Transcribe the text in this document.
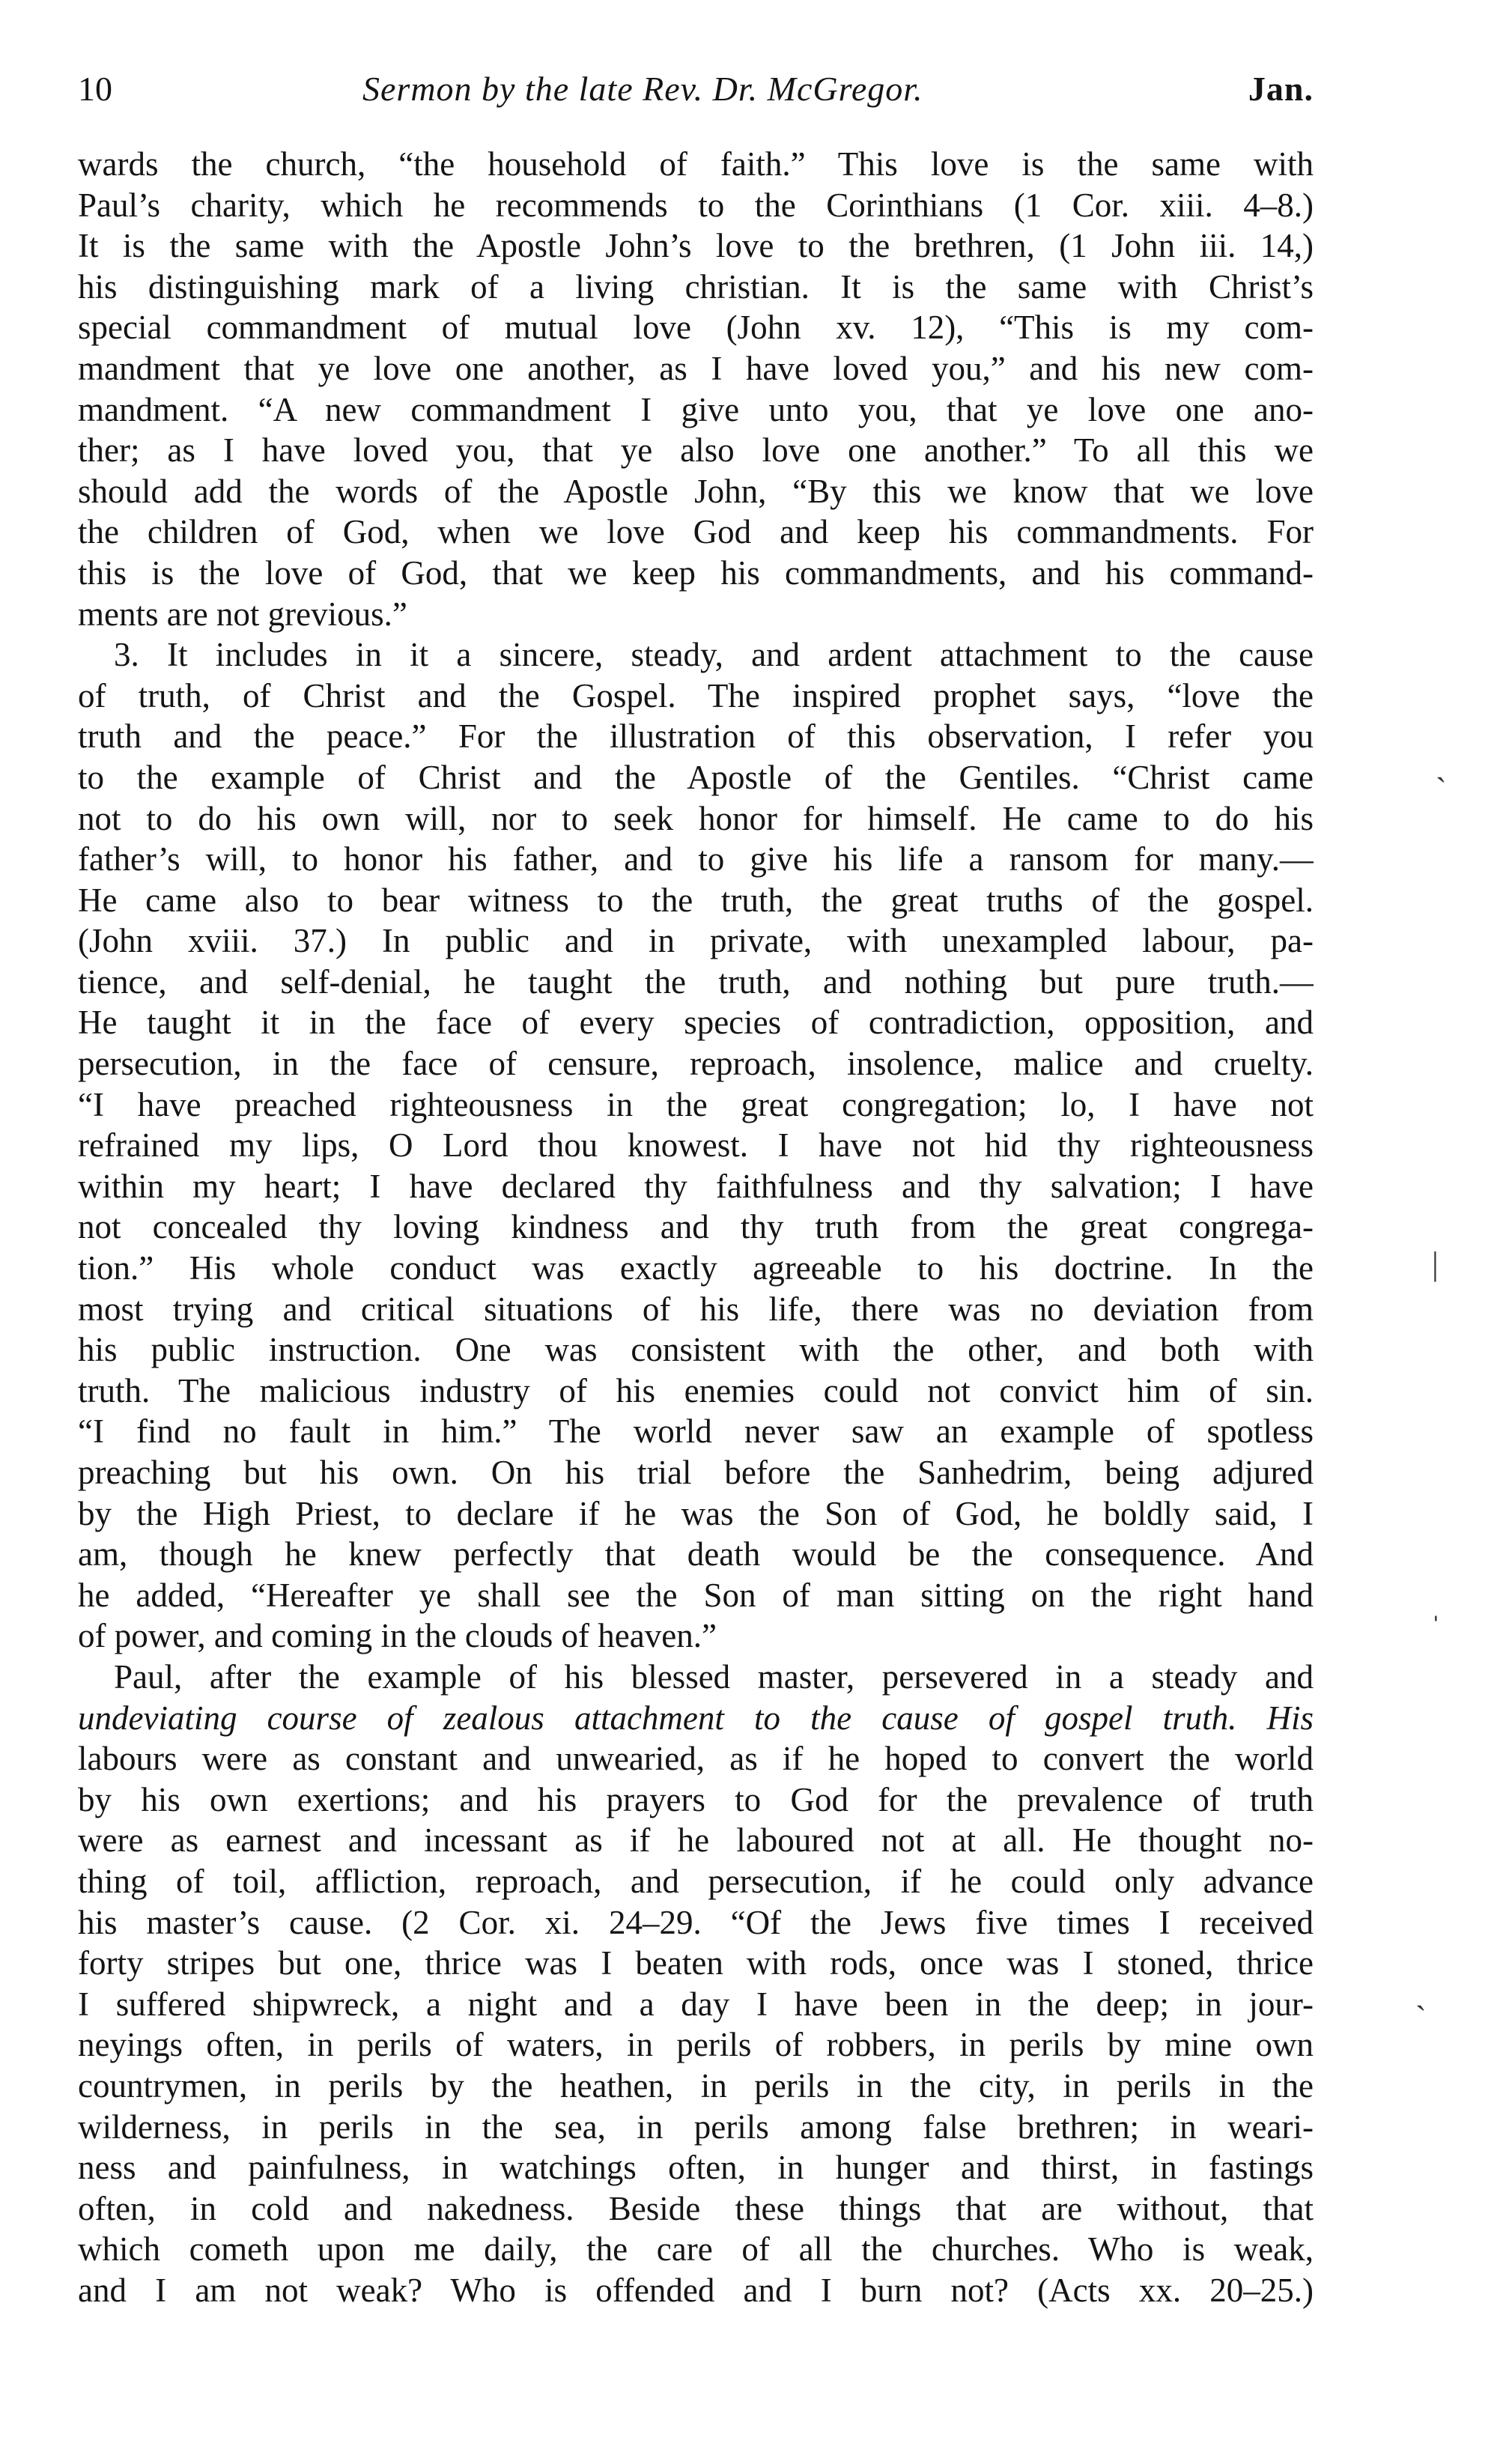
10	Sermon by the late Rev. Dr. McGregor.	Jan.
wards the church, “the household of faith.” This love is the same with
Paul’s charity, which he recommends to the Corinthians (1 Cor. xiii. 4–8.)
It is the same with the Apostle John’s love to the brethren, (1 John iii. 14,)
his distinguishing mark of a living christian. It is the same with Christ’s
special commandment of mutual love (John xv. 12), “This is my com-
mandment that ye love one another, as I have loved you,” and his new com-
mandment. “A new commandment I give unto you, that ye love one ano-
ther; as I have loved you, that ye also love one another.” To all this we
should add the words of the Apostle John, “By this we know that we love
the children of God, when we love God and keep his commandments. For
this is the love of God, that we keep his commandments, and his command-
ments are not grevious.”
3. It includes in it a sincere, steady, and ardent attachment to the cause
of truth, of Christ and the Gospel. The inspired prophet says, “love the
truth and the peace.” For the illustration of this observation, I refer you
to the example of Christ and the Apostle of the Gentiles. “Christ came
not to do his own will, nor to seek honor for himself. He came to do his
father’s will, to honor his father, and to give his life a ransom for many.—
He came also to bear witness to the truth, the great truths of the gospel.
(John xviii. 37.) In public and in private, with unexampled labour, pa-
tience, and self-denial, he taught the truth, and nothing but pure truth.—
He taught it in the face of every species of contradiction, opposition, and
persecution, in the face of censure, reproach, insolence, malice and cruelty.
“I have preached righteousness in the great congregation; lo, I have not
refrained my lips, O Lord thou knowest. I have not hid thy righteousness
within my heart; I have declared thy faithfulness and thy salvation; I have
not concealed thy loving kindness and thy truth from the great congrega-
tion.” His whole conduct was exactly agreeable to his doctrine. In the
most trying and critical situations of his life, there was no deviation from
his public instruction. One was consistent with the other, and both with
truth. The malicious industry of his enemies could not convict him of sin.
“I find no fault in him.” The world never saw an example of spotless
preaching but his own. On his trial before the Sanhedrim, being adjured
by the High Priest, to declare if he was the Son of God, he boldly said, I
am, though he knew perfectly that death would be the consequence. And
he added, “Hereafter ye shall see the Son of man sitting on the right hand
of power, and coming in the clouds of heaven.”
Paul, after the example of his blessed master, persevered in a steady and
undeviating course of zealous attachment to the cause of gospel truth. His
labours were as constant and unwearied, as if he hoped to convert the world
by his own exertions; and his prayers to God for the prevalence of truth
were as earnest and incessant as if he laboured not at all. He thought no-
thing of toil, affliction, reproach, and persecution, if he could only advance
his master’s cause. (2 Cor. xi. 24–29. “Of the Jews five times I received
forty stripes but one, thrice was I beaten with rods, once was I stoned, thrice
I suffered shipwreck, a night and a day I have been in the deep; in jour-
neyings often, in perils of waters, in perils of robbers, in perils by mine own
countrymen, in perils by the heathen, in perils in the city, in perils in the
wilderness, in perils in the sea, in perils among false brethren; in weari-
ness and painfulness, in watchings often, in hunger and thirst, in fastings
often, in cold and nakedness. Beside these things that are without, that
which cometh upon me daily, the care of all the churches. Who is weak,
and I am not weak? Who is offended and I burn not? (Acts xx. 20–25.)
ˎ
|
ˌ
ˎ
